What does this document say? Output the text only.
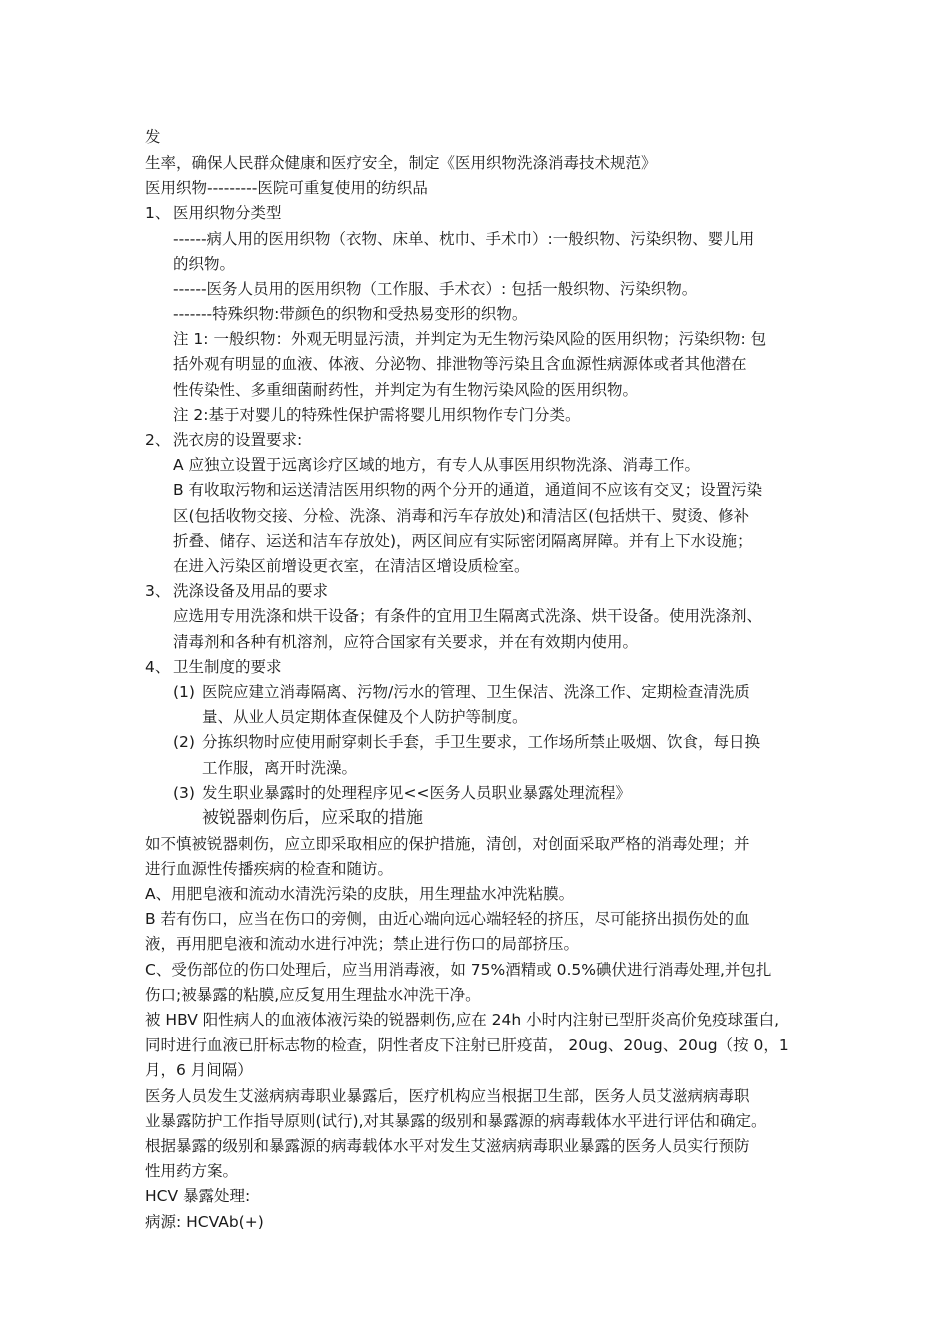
发
生率，确保人民群众健康和医疗安全，制定《医用织物洗涤消毒技术规范》
医用织物---------医院可重复使用的纺织品
1、 医用织物分类型
------病人用的医用织物（衣物、床单、枕巾、手术巾）:一般织物、污染织物、婴儿用
的织物。
------医务人员用的医用织物（工作服、手术衣）: 包括一般织物、污染织物。
-------特殊织物:带颜色的织物和受热易变形的织物。
注 1: 一般织物：外观无明显污渍，并判定为无生物污染风险的医用织物；污染织物: 包
括外观有明显的血液、体液、分泌物、排泄物等污染且含血源性病源体或者其他潜在
性传染性、多重细菌耐药性，并判定为有生物污染风险的医用织物。
注 2:基于对婴儿的特殊性保护需将婴儿用织物作专门分类。
2、 洗衣房的设置要求:
A 应独立设置于远离诊疗区域的地方，有专人从事医用织物洗涤、消毒工作。
B 有收取污物和运送清洁医用织物的两个分开的通道，通道间不应该有交叉；设置污染
区(包括收物交接、分检、洗涤、消毒和污车存放处)和清洁区(包括烘干、熨烫、修补
折叠、储存、运送和洁车存放处)，两区间应有实际密闭隔离屏障。并有上下水设施；
在进入污染区前增设更衣室，在清洁区增设质检室。
3、 洗涤设备及用品的要求
应选用专用洗涤和烘干设备；有条件的宜用卫生隔离式洗涤、烘干设备。使用洗涤剂、
清毒剂和各种有机溶剂，应符合国家有关要求，并在有效期内使用。
4、 卫生制度的要求
(1) 医院应建立消毒隔离、污物/污水的管理、卫生保洁、洗涤工作、定期检查清洗质
量、从业人员定期体查保健及个人防护等制度。
(2) 分拣织物时应使用耐穿刺长手套，手卫生要求，工作场所禁止吸烟、饮食，每日换
工作服，离开时洗澡。
(3) 发生职业暴露时的处理程序见<<医务人员职业暴露处理流程》
被锐器刺伤后，应采取的措施
如不慎被锐器刺伤，应立即采取相应的保护措施，清创，对创面采取严格的消毒处理；并
进行血源性传播疾病的检查和随访。
A、用肥皂液和流动水清洗污染的皮肤，用生理盐水冲洗粘膜。
B 若有伤口，应当在伤口的旁侧，由近心端向远心端轻轻的挤压，尽可能挤出损伤处的血
液，再用肥皂液和流动水进行冲洗；禁止进行伤口的局部挤压。
C、受伤部位的伤口处理后，应当用消毒液，如 75%酒精或 0.5%碘伏进行消毒处理,并包扎
伤口;被暴露的粘膜,应反复用生理盐水冲洗干净。
被 HBV 阳性病人的血液体液污染的锐器刺伤,应在 24h 小时内注射已型肝炎高价免疫球蛋白,
同时进行血液已肝标志物的检查，阴性者皮下注射已肝疫苗， 20ug、20ug、20ug（按 0，1
月，6 月间隔）
医务人员发生艾滋病病毒职业暴露后，医疗机构应当根据卫生部，医务人员艾滋病病毒职
业暴露防护工作指导原则(试行),对其暴露的级别和暴露源的病毒载体水平进行评估和确定。
根据暴露的级别和暴露源的病毒载体水平对发生艾滋病病毒职业暴露的医务人员实行预防
性用药方案。
HCV 暴露处理:
病源: HCVAb(+)
